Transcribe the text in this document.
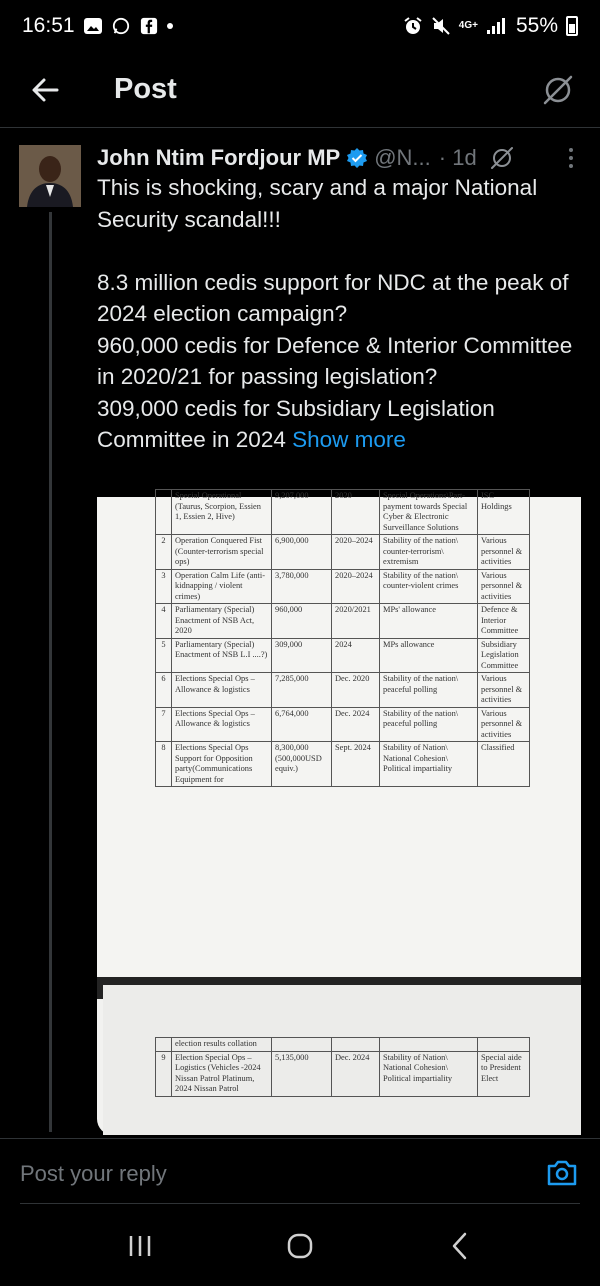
16:51	4G+ 55%
Post
John Ntim Fordjour MP @N... · 1d

This is shocking, scary and a major National Security scandal!!!

8.3 million cedis support for NDC at the peak of 2024 election campaign?

960,000 cedis for Defence & Interior Committee in 2020/21 for passing legislation?

309,000 cedis for Subsidiary Legislation Committee in 2024 Show more

	Special Operational (Taurus, Scorpion, Essien 1, Essien 2, Hive)	9,207,000	2020	Special Operations\Part-payment towards Special Cyber & Electronic Surveillance Solutions	ISC Holdings
2	Operation Conquered Fist (Counter-terrorism special ops)	6,900,000	2020–2024	Stability of the nation\ counter-terrorism\ extremism	Various personnel & activities
3	Operation Calm Life (anti-kidnapping / violent crimes)	3,780,000	2020–2024	Stability of the nation\ counter-violent crimes	Various personnel & activities
4	Parliamentary (Special) Enactment of NSB Act, 2020	960,000	2020/2021	MPs' allowance	Defence & Interior Committee
5	Parliamentary (Special) Enactment of NSB L.I ....?)	309,000	2024	MPs allowance	Subsidiary Legislation Committee
6	Elections Special Ops – Allowance & logistics	7,285,000	Dec. 2020	Stability of the nation\ peaceful polling	Various personnel & activities
7	Elections Special Ops – Allowance & logistics	6,764,000	Dec. 2024	Stability of the nation\ peaceful polling	Various personnel & activities
8	Elections Special Ops Support for Opposition party(Communications Equipment for	8,300,000 (500,000USD equiv.)	Sept. 2024	Stability of Nation\ National Cohesion\ Political impartiality	Classified
	election results collation				
9	Election Special Ops – Logistics (Vehicles -2024 Nissan Patrol Platinum, 2024 Nissan Patrol	5,135,000	Dec. 2024	Stability of Nation\ National Cohesion\ Political impartiality	Special aide to President Elect
Post your reply
